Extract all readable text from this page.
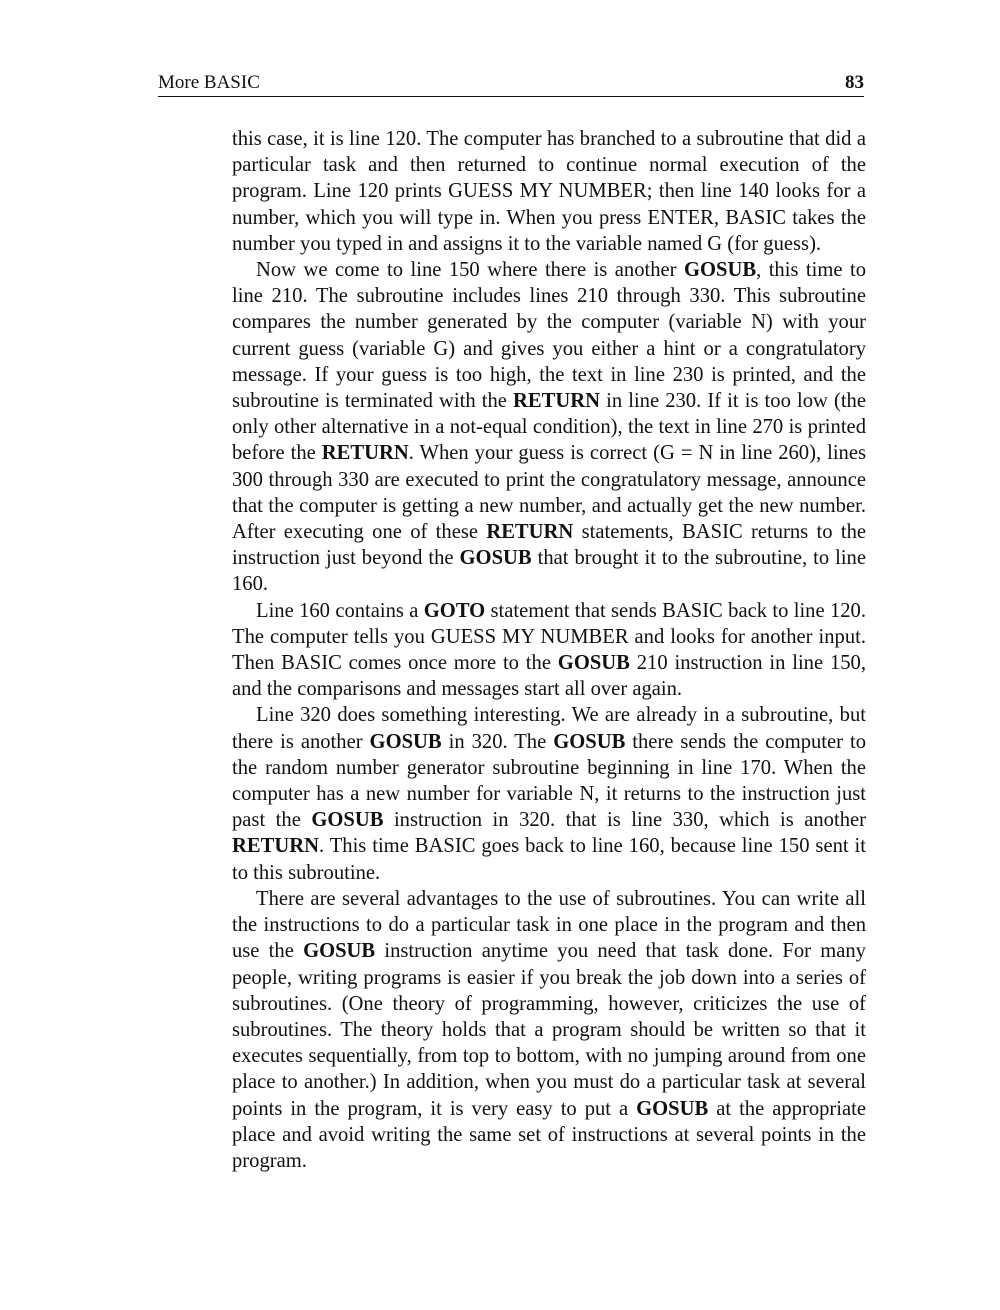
More BASIC	83

this case, it is line 120. The computer has branched to a subroutine that did a particular task and then returned to continue normal execution of the program. Line 120 prints GUESS MY NUMBER; then line 140 looks for a number, which you will type in. When you press ENTER, BASIC takes the number you typed in and assigns it to the variable named G (for guess).

Now we come to line 150 where there is another GOSUB, this time to line 210. The subroutine includes lines 210 through 330. This subroutine compares the number generated by the computer (variable N) with your current guess (variable G) and gives you either a hint or a congratulatory message. If your guess is too high, the text in line 230 is printed, and the subroutine is terminated with the RETURN in line 230. If it is too low (the only other alternative in a not-equal condition), the text in line 270 is printed before the RETURN. When your guess is correct (G = N in line 260), lines 300 through 330 are executed to print the congratulatory message, announce that the computer is getting a new number, and actually get the new number. After executing one of these RETURN statements, BASIC returns to the instruction just beyond the GOSUB that brought it to the subroutine, to line 160.

Line 160 contains a GOTO statement that sends BASIC back to line 120. The computer tells you GUESS MY NUMBER and looks for another input. Then BASIC comes once more to the GOSUB 210 instruction in line 150, and the comparisons and messages start all over again.

Line 320 does something interesting. We are already in a subroutine, but there is another GOSUB in 320. The GOSUB there sends the computer to the random number generator subroutine beginning in line 170. When the computer has a new number for variable N, it returns to the instruction just past the GOSUB instruction in 320. that is line 330, which is another RETURN. This time BASIC goes back to line 160, because line 150 sent it to this subroutine.

There are several advantages to the use of subroutines. You can write all the instructions to do a particular task in one place in the program and then use the GOSUB instruction anytime you need that task done. For many people, writing programs is easier if you break the job down into a series of subroutines. (One theory of programming, however, criticizes the use of subroutines. The theory holds that a program should be written so that it executes sequentially, from top to bottom, with no jumping around from one place to another.) In addition, when you must do a particular task at several points in the program, it is very easy to put a GOSUB at the appropriate place and avoid writing the same set of instructions at several points in the program.
